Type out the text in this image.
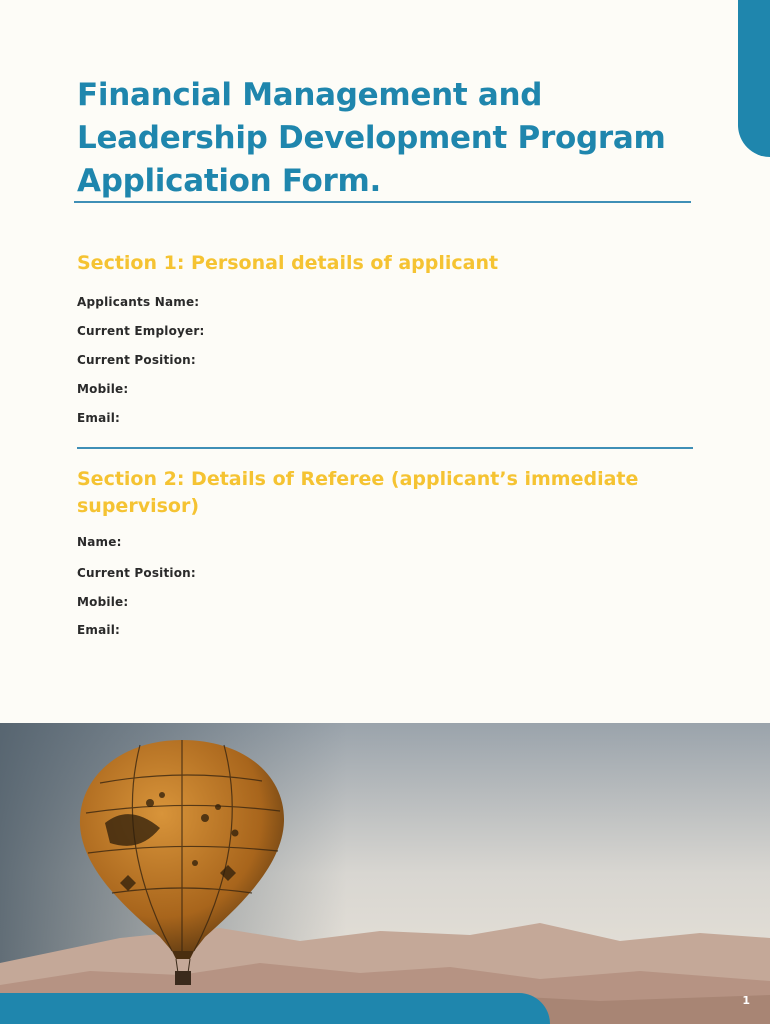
Financial Management and Leadership Development Program Application Form.
Section 1: Personal details of applicant
Applicants Name:
Current Employer:
Current Position:
Mobile:
Email:
Section 2: Details of Referee (applicant’s immediate supervisor)
Name:
Current Position:
Mobile:
Email:
1
